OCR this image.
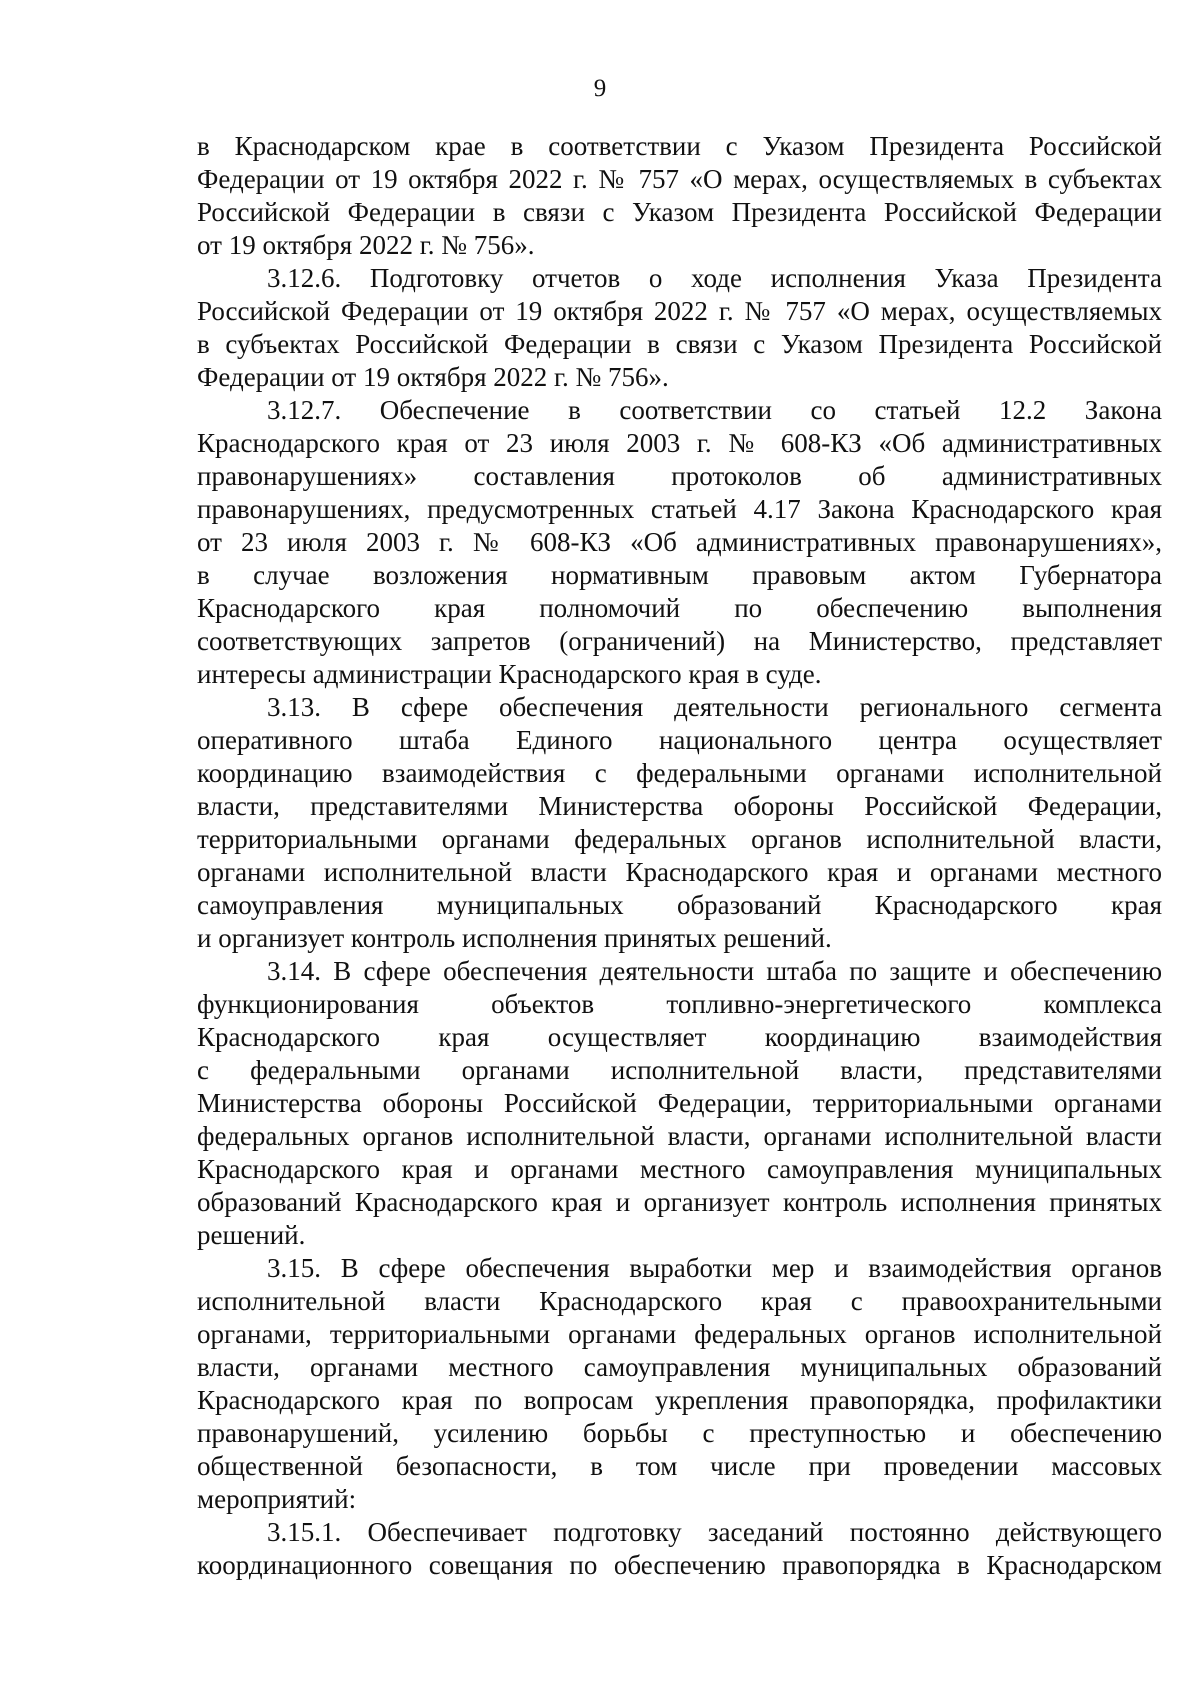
9
в Краснодарском крае в соответствии с Указом Президента Российской
Федерации от 19 октября 2022 г. № 757 «О мерах, осуществляемых в субъектах
Российской Федерации в связи с Указом Президента Российской Федерации
от 19 октября 2022 г. № 756».
3.12.6. Подготовку отчетов о ходе исполнения Указа Президента
Российской Федерации от 19 октября 2022 г. № 757 «О мерах, осуществляемых
в субъектах Российской Федерации в связи с Указом Президента Российской
Федерации от 19 октября 2022 г. № 756».
3.12.7. Обеспечение в соответствии со статьей 12.2 Закона
Краснодарского края от 23 июля 2003 г. № 608-КЗ «Об административных
правонарушениях» составления протоколов об административных
правонарушениях, предусмотренных статьей 4.17 Закона Краснодарского края
от 23 июля 2003 г. № 608-КЗ «Об административных правонарушениях»,
в случае возложения нормативным правовым актом Губернатора
Краснодарского края полномочий по обеспечению выполнения
соответствующих запретов (ограничений) на Министерство, представляет
интересы администрации Краснодарского края в суде.
3.13. В сфере обеспечения деятельности регионального сегмента
оперативного штаба Единого национального центра осуществляет
координацию взаимодействия с федеральными органами исполнительной
власти, представителями Министерства обороны Российской Федерации,
территориальными органами федеральных органов исполнительной власти,
органами исполнительной власти Краснодарского края и органами местного
самоуправления муниципальных образований Краснодарского края
и организует контроль исполнения принятых решений.
3.14. В сфере обеспечения деятельности штаба по защите и обеспечению
функционирования объектов топливно-энергетического комплекса
Краснодарского края осуществляет координацию взаимодействия
с федеральными органами исполнительной власти, представителями
Министерства обороны Российской Федерации, территориальными органами
федеральных органов исполнительной власти, органами исполнительной власти
Краснодарского края и органами местного самоуправления муниципальных
образований Краснодарского края и организует контроль исполнения принятых
решений.
3.15. В сфере обеспечения выработки мер и взаимодействия органов
исполнительной власти Краснодарского края с правоохранительными
органами, территориальными органами федеральных органов исполнительной
власти, органами местного самоуправления муниципальных образований
Краснодарского края по вопросам укрепления правопорядка, профилактики
правонарушений, усилению борьбы с преступностью и обеспечению
общественной безопасности, в том числе при проведении массовых
мероприятий:
3.15.1. Обеспечивает подготовку заседаний постоянно действующего
координационного совещания по обеспечению правопорядка в Краснодарском
